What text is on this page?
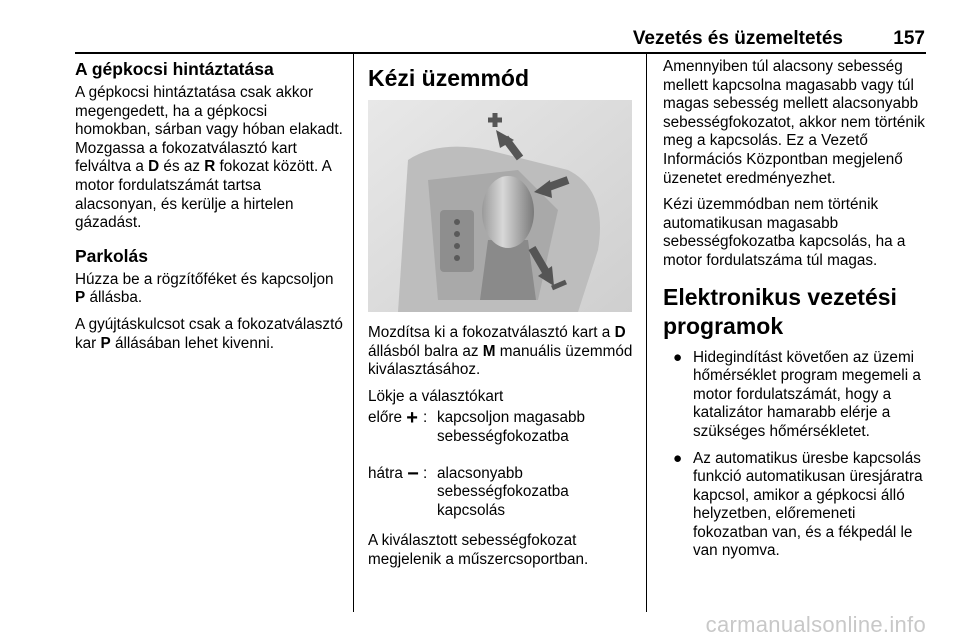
Vezetés és üzemeltetés	157
A gépkocsi hintáztatása

A gépkocsi hintáztatása csak akkor megengedett, ha a gépkocsi homokban, sárban vagy hóban elakadt. Mozgassa a fokozatválasztó kart felváltva a D és az R fokozat között. A motor fordulatszámát tartsa alacsonyan, és kerülje a hirtelen gázadást.

Parkolás

Húzza be a rögzítőféket és kapcsoljon P állásba.

A gyújtáskulcsot csak a fokozatválasztó kar P állásában lehet kivenni.

Kézi üzemmód

Mozdítsa ki a fokozatválasztó kart a D állásból balra az M manuális üzemmód kiválasztásához.

Lökje a választókart

előre +	:	kapcsoljon magasabb sebességfokozatba

hátra −	:	alacsonyabb sebességfokozatba kapcsolás

A kiválasztott sebességfokozat megjelenik a műszercsoportban.

Amennyiben túl alacsony sebesség mellett kapcsolna magasabb vagy túl magas sebesség mellett alacsonyabb sebességfokozatot, akkor nem történik meg a kapcsolás. Ez a Vezető Információs Központban megjelenő üzenetet eredményezhet.

Kézi üzemmódban nem történik automatikusan magasabb sebességfokozatba kapcsolás, ha a motor fordulatszáma túl magas.

Elektronikus vezetési programok
● Hidegindítást követően az üzemi hőmérséklet program megemeli a motor fordulatszámát, hogy a katalizátor hamarabb elérje a szükséges hőmérsékletet.
● Az automatikus üresbe kapcsolás funkció automatikusan üresjáratra kapcsol, amikor a gépkocsi álló helyzetben, előremeneti fokozatban van, és a fékpedál le van nyomva.
carmanualsonline.info
